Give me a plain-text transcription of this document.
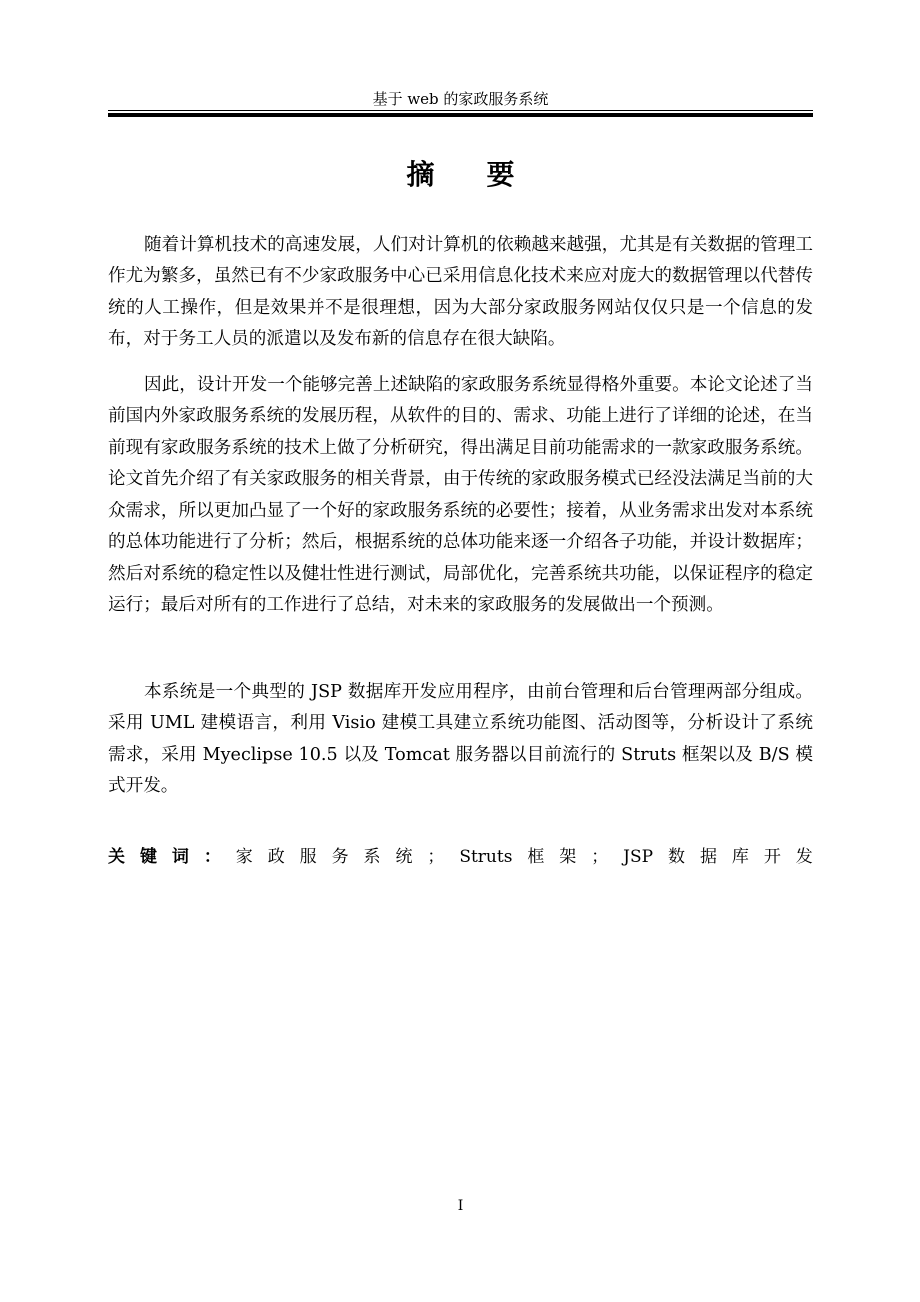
基于 web 的家政服务系统
摘要

随着计算机技术的高速发展，人们对计算机的依赖越来越强，尤其是有关数据的管理工作尤为繁多，虽然已有不少家政服务中心已采用信息化技术来应对庞大的数据管理以代替传统的人工操作，但是效果并不是很理想，因为大部分家政服务网站仅仅只是一个信息的发布，对于务工人员的派遣以及发布新的信息存在很大缺陷。

因此，设计开发一个能够完善上述缺陷的家政服务系统显得格外重要。本论文论述了当前国内外家政服务系统的发展历程，从软件的目的、需求、功能上进行了详细的论述，在当前现有家政服务系统的技术上做了分析研究，得出满足目前功能需求的一款家政服务系统。论文首先介绍了有关家政服务的相关背景，由于传统的家政服务模式已经没法满足当前的大众需求，所以更加凸显了一个好的家政服务系统的必要性；接着，从业务需求出发对本系统的总体功能进行了分析；然后，根据系统的总体功能来逐一介绍各子功能，并设计数据库；然后对系统的稳定性以及健壮性进行测试，局部优化，完善系统共功能，以保证程序的稳定运行；最后对所有的工作进行了总结，对未来的家政服务的发展做出一个预测。

本系统是一个典型的 JSP 数据库开发应用程序，由前台管理和后台管理两部分组成。采用 UML 建模语言，利用 Visio 建模工具建立系统功能图、活动图等，分析设计了系统需求，采用 Myeclipse 10.5 以及 Tomcat 服务器以目前流行的 Struts 框架以及 B/S 模式开发。

关 键 词 ： 家 政 服 务 系 统 ； Struts 框 架 ； JSP 数 据 库 开 发
I
